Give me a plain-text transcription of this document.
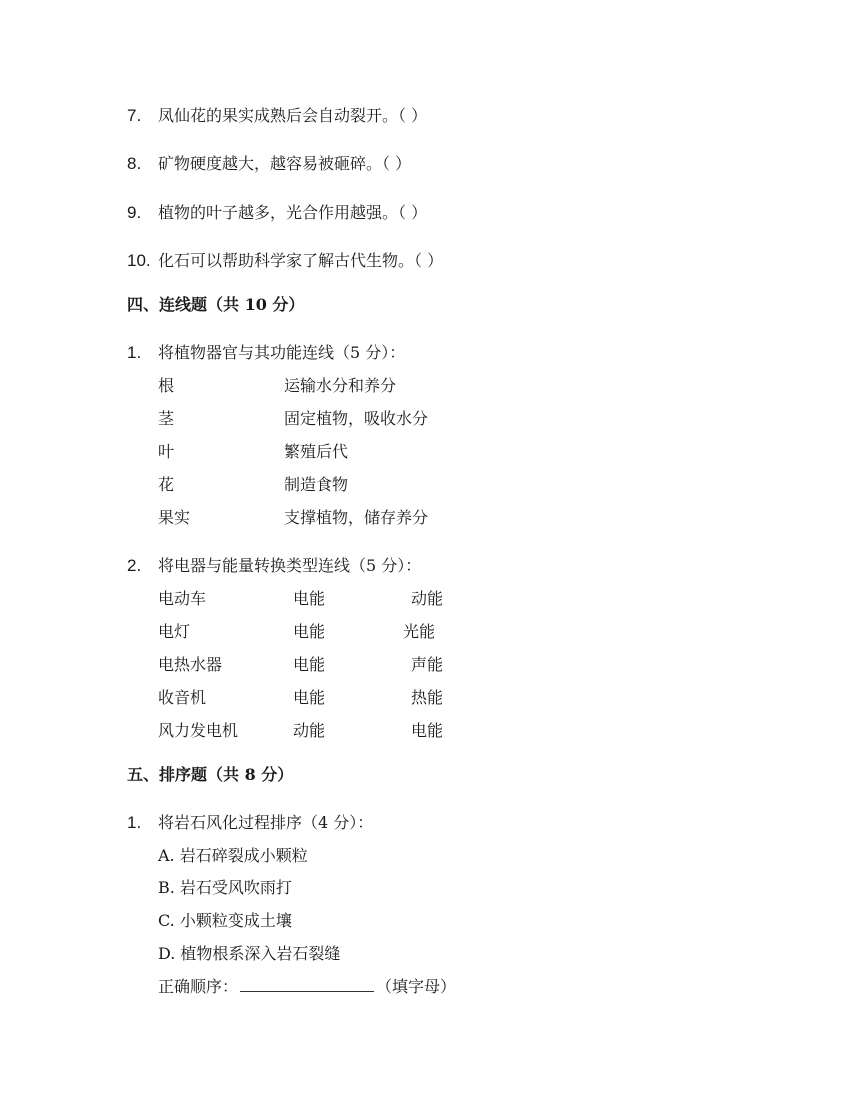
7. 凤仙花的果实成熟后会自动裂开。（ ）
8. 矿物硬度越大，越容易被砸碎。（ ）
9. 植物的叶子越多，光合作用越强。（ ）
10. 化石可以帮助科学家了解古代生物。（ ）
四、连线题（共 10 分）
1. 将植物器官与其功能连线（5 分）：
根	运输水分和养分
茎	固定植物，吸收水分
叶	繁殖后代
花	制造食物
果实	支撑植物，储存养分
2. 将电器与能量转换类型连线（5 分）：
电动车	电能	动能
电灯	电能	光能
电热水器	电能	声能
收音机	电能	热能
风力发电机	动能	电能
五、排序题（共 8 分）
1. 将岩石风化过程排序（4 分）：
A. 岩石碎裂成小颗粒
B. 岩石受风吹雨打
C. 小颗粒变成土壤
D. 植物根系深入岩石裂缝
正确顺序：	（填字母）
